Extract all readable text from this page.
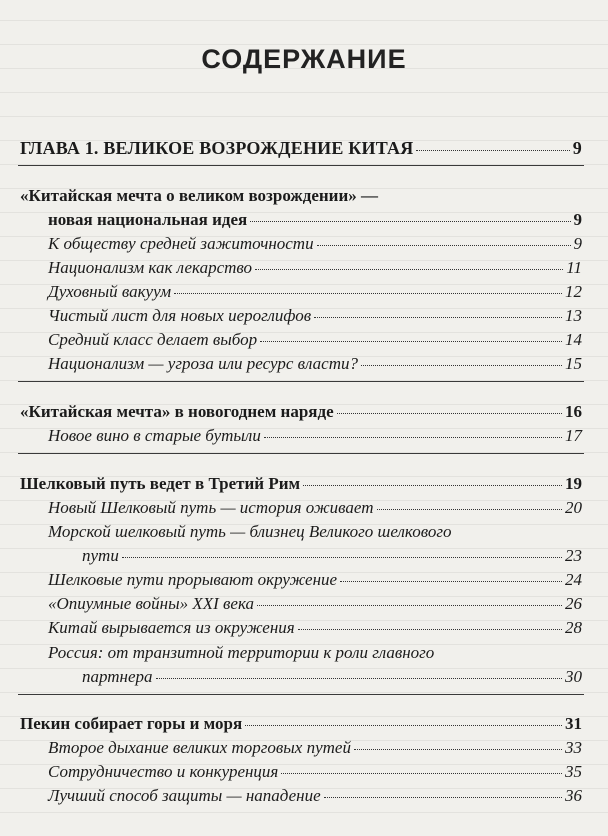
СОДЕРЖАНИЕ
ГЛАВА 1. ВЕЛИКОЕ ВОЗРОЖДЕНИЕ КИТАЯ	9
«Китайская мечта о великом возрождении» —
новая национальная идея	9
К обществу средней зажиточности	9
Национализм как лекарство	11
Духовный вакуум	12
Чистый лист для новых иероглифов	13
Средний класс делает выбор	14
Национализм — угроза или ресурс власти?	15
«Китайская мечта» в новогоднем наряде	16
Новое вино в старые бутыли	17
Шелковый путь ведет в Третий Рим	19
Новый Шелковый путь — история оживает	20
Морской шелковый путь — близнец Великого шелкового
пути	23
Шелковые пути прорывают окружение	24
«Опиумные войны» XXI века	26
Китай вырывается из окружения	28
Россия: от транзитной территории к роли главного
партнера	30
Пекин собирает горы и моря	31
Второе дыхание великих торговых путей	33
Сотрудничество и конкуренция	35
Лучший способ защиты — нападение	36
